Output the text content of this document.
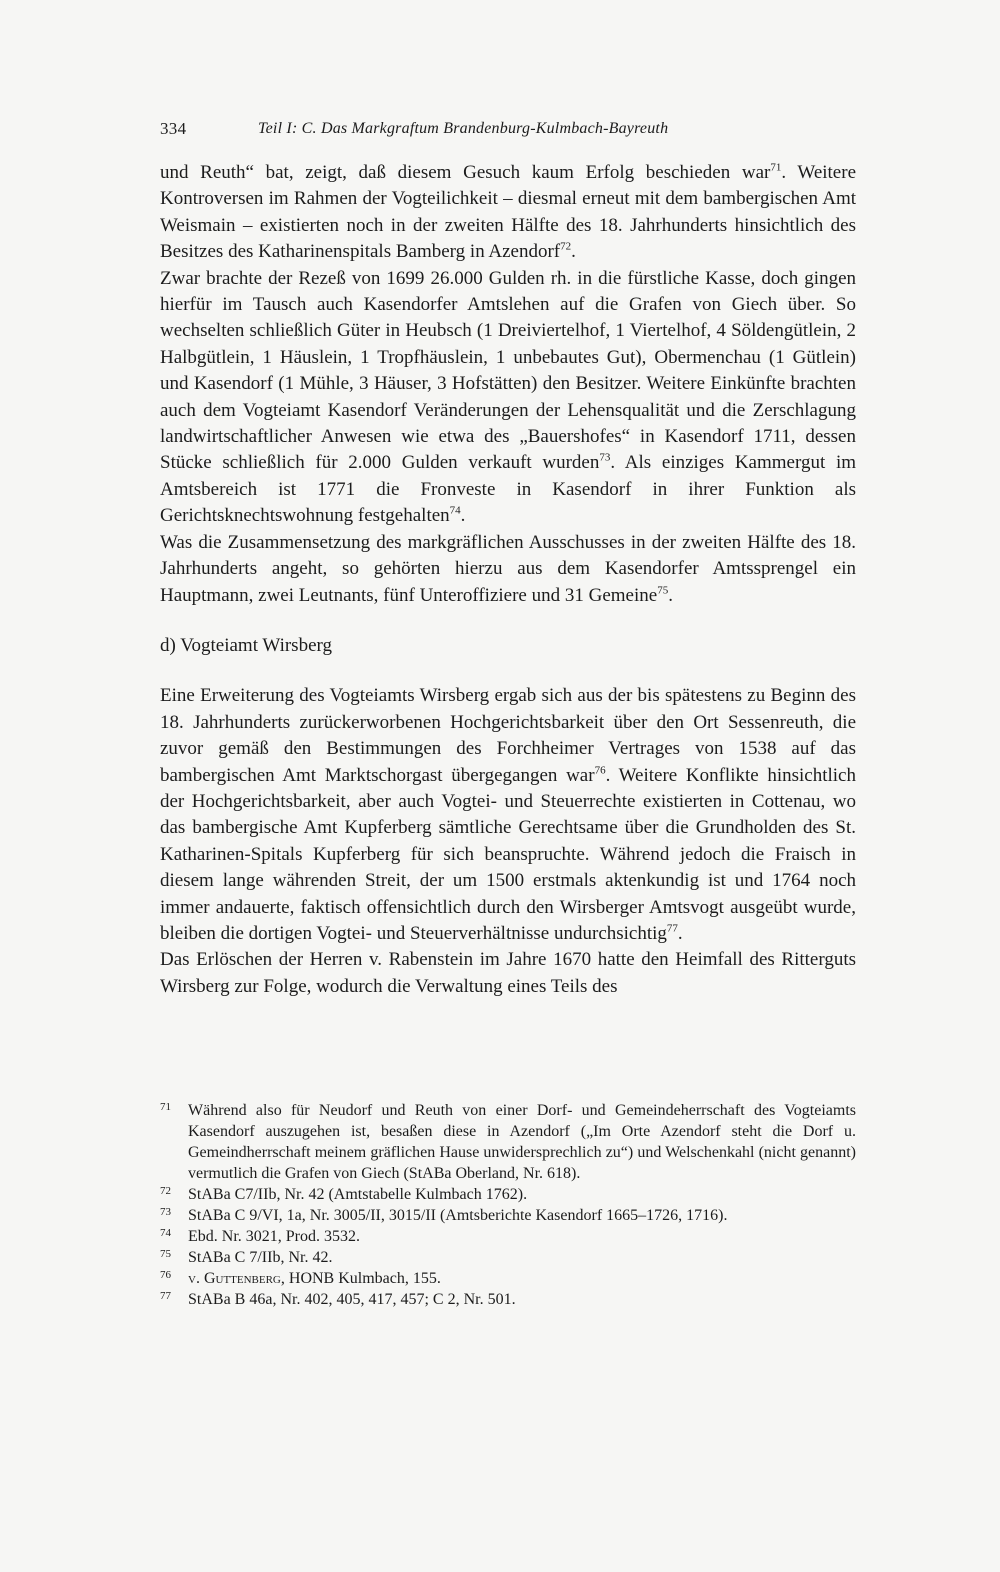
334	Teil I: C. Das Markgraftum Brandenburg-Kulmbach-Bayreuth

und Reuth“ bat, zeigt, daß diesem Gesuch kaum Erfolg beschieden war$^{71}$. Weitere Kontroversen im Rahmen der Vogteilichkeit – diesmal erneut mit dem bambergischen Amt Weismain – existierten noch in der zweiten Hälfte des 18. Jahrhunderts hinsichtlich des Besitzes des Katharinenspitals Bamberg in Azendorf$^{72}$.

Zwar brachte der Rezeß von 1699 26.000 Gulden rh. in die fürstliche Kasse, doch gingen hierfür im Tausch auch Kasendorfer Amtslehen auf die Grafen von Giech über. So wechselten schließlich Güter in Heubsch (1 Dreiviertelhof, 1 Viertelhof, 4 Söldengütlein, 2 Halbgütlein, 1 Häuslein, 1 Tropfhäuslein, 1 unbebautes Gut), Obermenchau (1 Gütlein) und Kasendorf (1 Mühle, 3 Häuser, 3 Hofstätten) den Besitzer. Weitere Einkünfte brachten auch dem Vogteiamt Kasendorf Veränderungen der Lehensqualität und die Zerschlagung landwirtschaftlicher Anwesen wie etwa des „Bauershofes“ in Kasendorf 1711, dessen Stücke schließlich für 2.000 Gulden verkauft wurden$^{73}$. Als einziges Kammergut im Amtsbereich ist 1771 die Fronveste in Kasendorf in ihrer Funktion als Gerichtsknechtswohnung festgehalten$^{74}$.

Was die Zusammensetzung des markgräflichen Ausschusses in der zweiten Hälfte des 18. Jahrhunderts angeht, so gehörten hierzu aus dem Kasendorfer Amtssprengel ein Hauptmann, zwei Leutnants, fünf Unteroffiziere und 31 Gemeine$^{75}$.

d) Vogteiamt Wirsberg

Eine Erweiterung des Vogteiamts Wirsberg ergab sich aus der bis spätestens zu Beginn des 18. Jahrhunderts zurückerworbenen Hochgerichtsbarkeit über den Ort Sessenreuth, die zuvor gemäß den Bestimmungen des Forchheimer Vertrages von 1538 auf das bambergischen Amt Marktschorgast übergegangen war$^{76}$. Weitere Konflikte hinsichtlich der Hochgerichtsbarkeit, aber auch Vogtei- und Steuerrechte existierten in Cottenau, wo das bambergische Amt Kupferberg sämtliche Gerechtsame über die Grundholden des St. Katharinen-Spitals Kupferberg für sich beanspruchte. Während jedoch die Fraisch in diesem lange währenden Streit, der um 1500 erstmals aktenkundig ist und 1764 noch immer andauerte, faktisch offensichtlich durch den Wirsberger Amtsvogt ausgeübt wurde, bleiben die dortigen Vogtei- und Steuerverhältnisse undurchsichtig$^{77}$.

Das Erlöschen der Herren v. Rabenstein im Jahre 1670 hatte den Heimfall des Ritterguts Wirsberg zur Folge, wodurch die Verwaltung eines Teils des

71 Während also für Neudorf und Reuth von einer Dorf- und Gemeindeherrschaft des Vogteiamts Kasendorf auszugehen ist, besaßen diese in Azendorf („Im Orte Azendorf steht die Dorf u. Gemeindherrschaft meinem gräflichen Hause unwidersprechlich zu“) und Welschenkahl (nicht genannt) vermutlich die Grafen von Giech (StABa Oberland, Nr. 618).

72 StABa C7/IIb, Nr. 42 (Amtstabelle Kulmbach 1762).

73 StABa C 9/VI, 1a, Nr. 3005/II, 3015/II (Amtsberichte Kasendorf 1665–1726, 1716).

74 Ebd. Nr. 3021, Prod. 3532.

75 StABa C 7/IIb, Nr. 42.

76 v. Guttenberg, HONB Kulmbach, 155.

77 StABa B 46a, Nr. 402, 405, 417, 457; C 2, Nr. 501.
